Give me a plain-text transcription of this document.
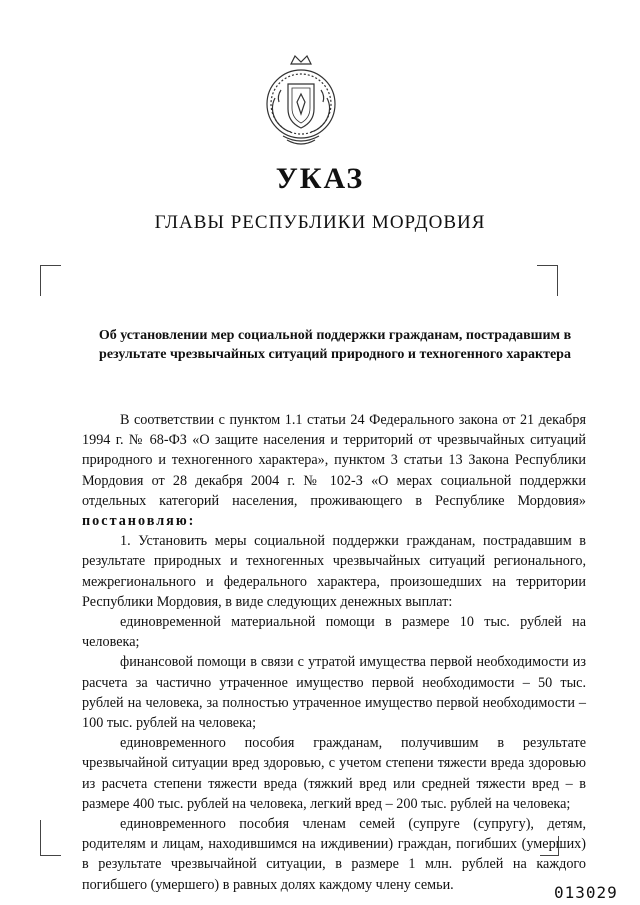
УКАЗ
ГЛАВЫ РЕСПУБЛИКИ МОРДОВИЯ
Об установлении мер социальной поддержки гражданам, пострадавшим в результате чрезвычайных ситуаций природного и техногенного характера

В соответствии с пунктом 1.1 статьи 24 Федерального закона от 21 декабря 1994 г. № 68-ФЗ «О защите населения и территорий от чрезвычайных ситуаций природного и техногенного характера», пунктом 3 статьи 13 Закона Республики Мордовия от 28 декабря 2004 г. № 102-З «О мерах социальной поддержки отдельных категорий населения, проживающего в Республике Мордовия» постановляю:

1. Установить меры социальной поддержки гражданам, пострадавшим в результате природных и техногенных чрезвычайных ситуаций регионального, межрегионального и федерального характера, произошедших на территории Республики Мордовия, в виде следующих денежных выплат:

единовременной материальной помощи в размере 10 тыс. рублей на человека;

финансовой помощи в связи с утратой имущества первой необходимости из расчета за частично утраченное имущество первой необходимости – 50 тыс. рублей на человека, за полностью утраченное имущество первой необходимости –100 тыс. рублей на человека;

единовременного пособия гражданам, получившим в результате чрезвычайной ситуации вред здоровью, с учетом степени тяжести вреда здоровью из расчета степени тяжести вреда (тяжкий вред или средней тяжести вред – в размере 400 тыс. рублей на человека, легкий вред – 200 тыс. рублей на человека;

единовременного пособия членам семей (супруге (супругу), детям, родителям и лицам, находившимся на иждивении) граждан, погибших (умерших) в результате чрезвычайной ситуации, в размере 1 млн. рублей на каждого погибшего (умершего) в равных долях каждому члену семьи.	013029
